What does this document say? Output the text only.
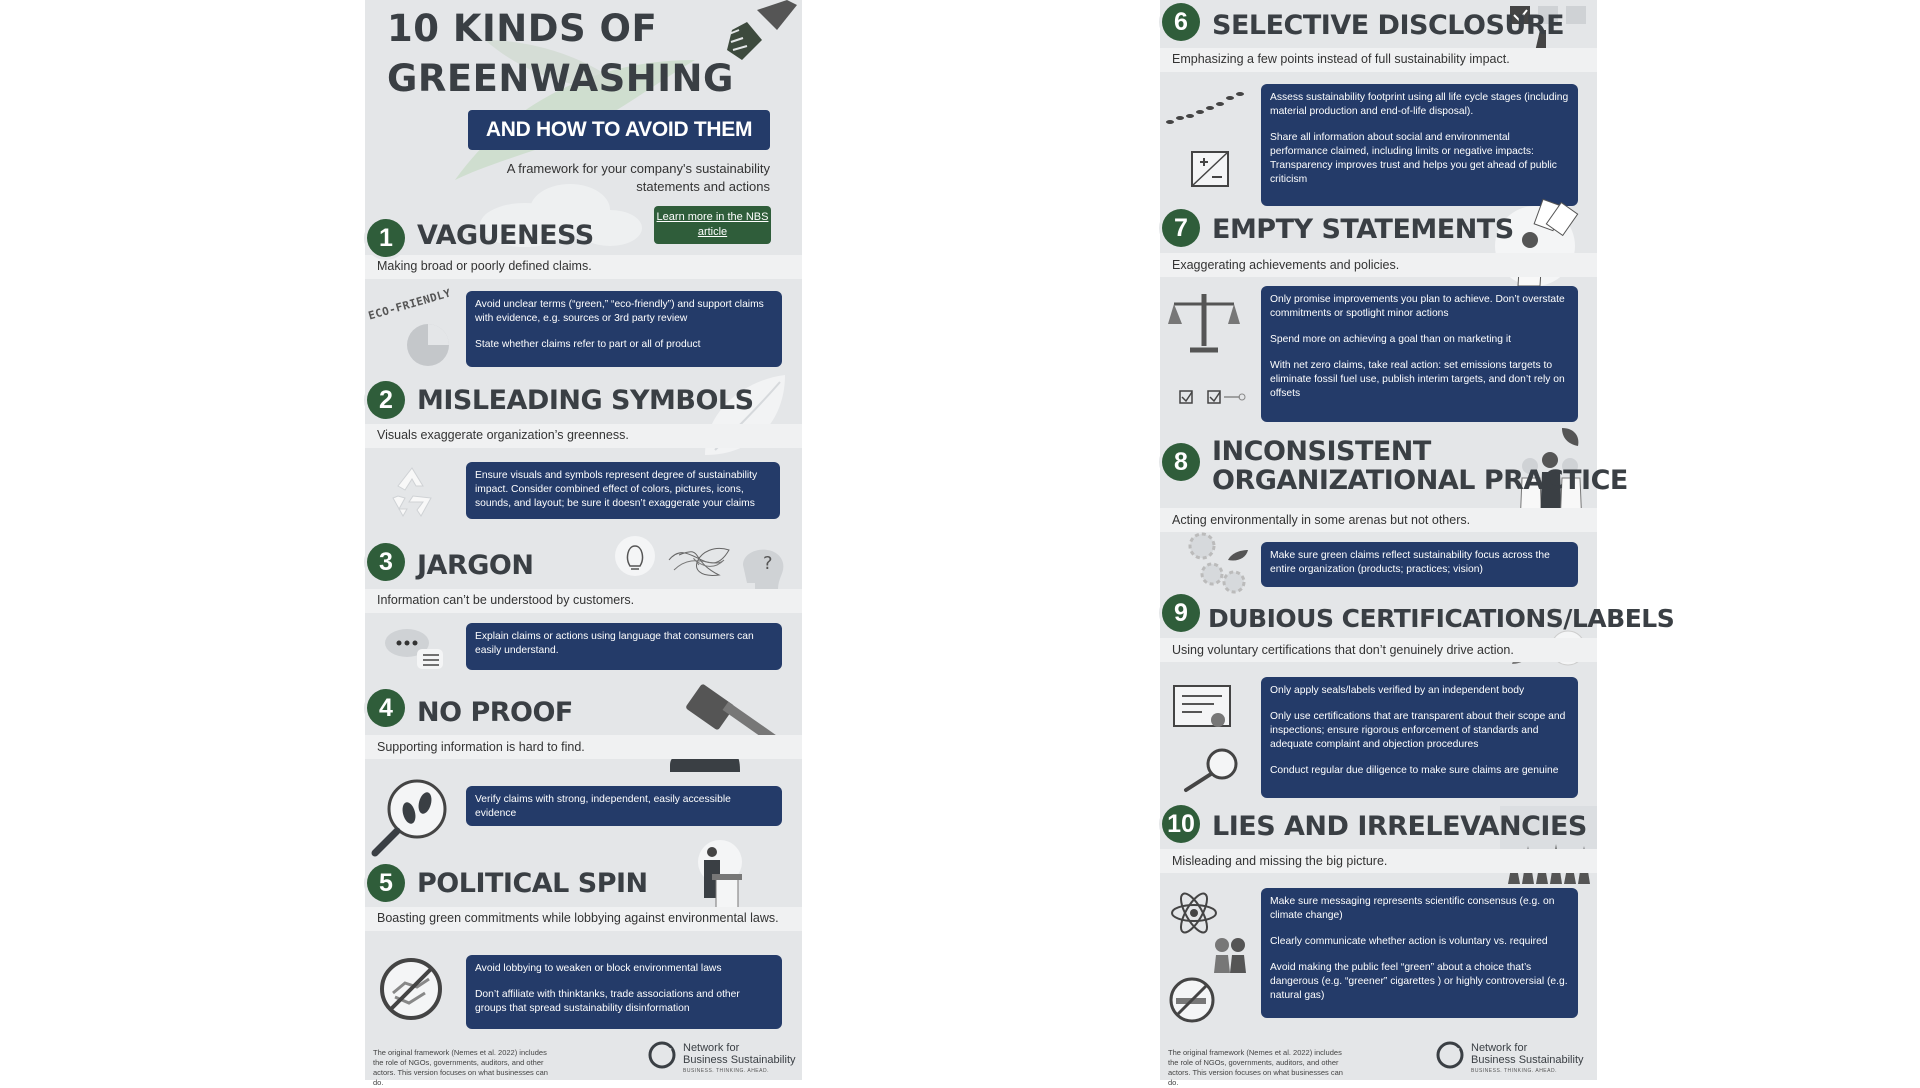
10 KINDS OF
GREENWASHING
AND HOW TO AVOID THEM
A framework for your company's sustainability statements and actions
Learn more in the NBS article
1 VAGUENESS
Making broad or poorly defined claims.
ECO-FRIENDLY Avoid unclear terms (“green,” “eco-friendly”) and support claims with evidence, e.g. sources or 3rd party review

State whether claims refer to part or all of product

2 MISLEADING SYMBOLS
Visuals exaggerate organization’s greenness.

Ensure visuals and symbols represent degree of sustainability impact. Consider combined effect of colors, pictures, icons, sounds, and layout; be sure it doesn’t exaggerate your claims

?
3 JARGON
Information can’t be understood by customers.

Explain claims or actions using language that consumers can easily understand.

4 NO PROOF
Supporting information is hard to find.

Verify claims with strong, independent, easily accessible evidence

5 POLITICAL SPIN
Boasting green commitments while lobbying against environmental laws.

Avoid lobbying to weaken or block environmental laws

Don’t affiliate with thinktanks, trade associations and other groups that spread sustainability disinformation

The original framework (Nemes et al. 2022) includes the role of NGOs, governments, auditors, and other actors. This version focuses on what businesses can do.
Network for
Business Sustainability
BUSINESS. THINKING. AHEAD.
6 SELECTIVE DISCLOSURE
Emphasizing a few points instead of full sustainability impact.

Assess sustainability footprint using all life cycle stages (including material production and end-of-life disposal).

Share all information about social and environmental performance claimed, including limits or negative impacts: Transparency improves trust and helps you get ahead of public criticism

7 EMPTY STATEMENTS
Exaggerating achievements and policies.

Only promise improvements you plan to achieve. Don’t overstate commitments or spotlight minor actions

Spend more on achieving a goal than on marketing it

With net zero claims, take real action: set emissions targets to eliminate fossil fuel use, publish interim targets, and don’t rely on offsets

8 INCONSISTENT
ORGANIZATIONAL PRACTICE
Acting environmentally in some arenas but not others.

Make sure green claims reflect sustainability focus across the entire organization (products; practices; vision)

9 DUBIOUS CERTIFICATIONS/LABELS
Using voluntary certifications that don’t genuinely drive action.

Only apply seals/labels verified by an independent body

Only use certifications that are transparent about their scope and inspections; ensure rigorous enforcement of standards and adequate complaint and objection procedures

Conduct regular due diligence to make sure claims are genuine

10 LIES AND IRRELEVANCIES
Misleading and missing the big picture.

Make sure messaging represents scientific consensus (e.g. on climate change)

Clearly communicate whether action is voluntary vs. required

Avoid making the public feel “green” about a choice that’s dangerous (e.g. “greener” cigarettes ) or highly controversial (e.g. natural gas)

The original framework (Nemes et al. 2022) includes the role of NGOs, governments, auditors, and other actors. This version focuses on what businesses can do.
Network for
Business Sustainability
BUSINESS. THINKING. AHEAD.
